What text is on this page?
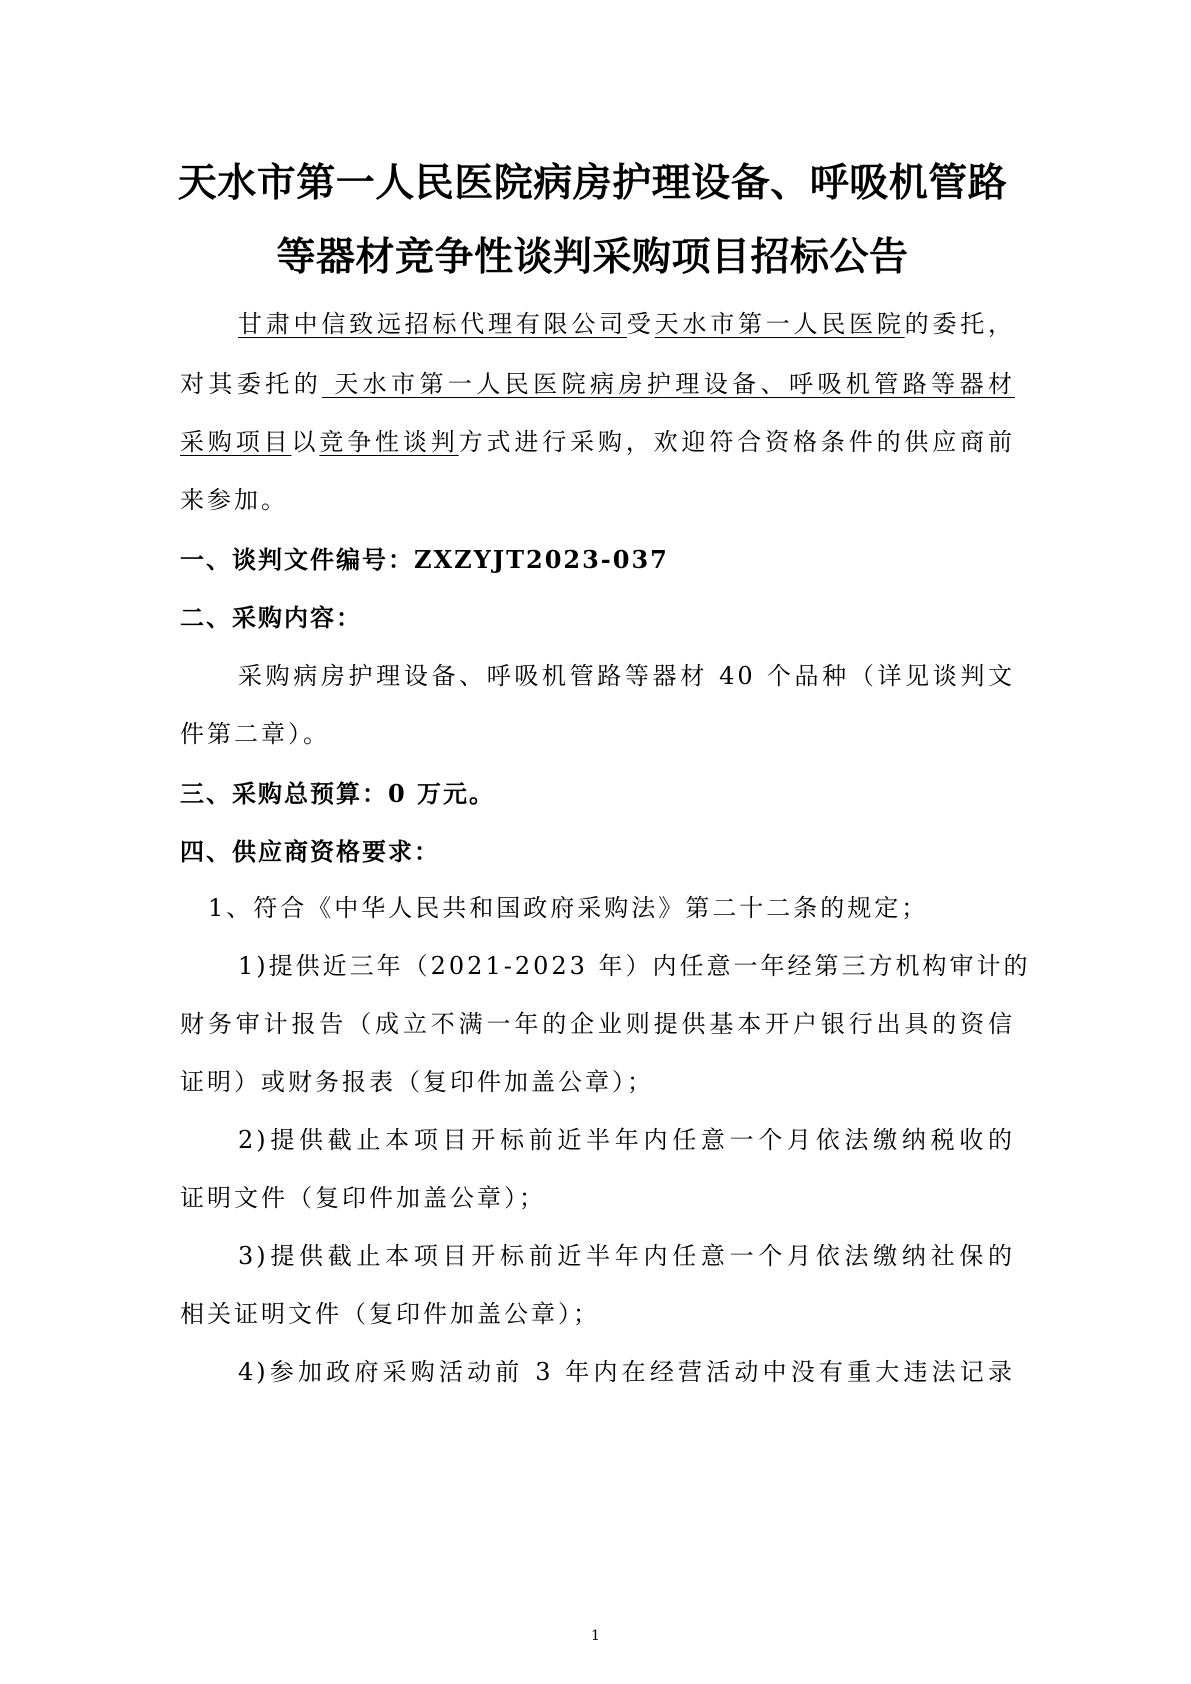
天水市第一人民医院病房护理设备、呼吸机管路
等器材竞争性谈判采购项目招标公告
甘肃中信致远招标代理有限公司受天水市第一人民医院的委托，
对其委托的 天水市第一人民医院病房护理设备、呼吸机管路等器材
采购项目以竞争性谈判方式进行采购，欢迎符合资格条件的供应商前
来参加。
一、谈判文件编号：ZXZYJT2023-037
二、采购内容：
采购病房护理设备、呼吸机管路等器材 40 个品种（详见谈判文
件第二章）。
三、采购总预算：0 万元。
四、供应商资格要求：
1、符合《中华人民共和国政府采购法》第二十二条的规定；
1)提供近三年（2021-2023 年）内任意一年经第三方机构审计的
财务审计报告（成立不满一年的企业则提供基本开户银行出具的资信
证明）或财务报表（复印件加盖公章）；
2)提供截止本项目开标前近半年内任意一个月依法缴纳税收的
证明文件（复印件加盖公章）；
3)提供截止本项目开标前近半年内任意一个月依法缴纳社保的
相关证明文件（复印件加盖公章）；
4)参加政府采购活动前 3 年内在经营活动中没有重大违法记录
1
